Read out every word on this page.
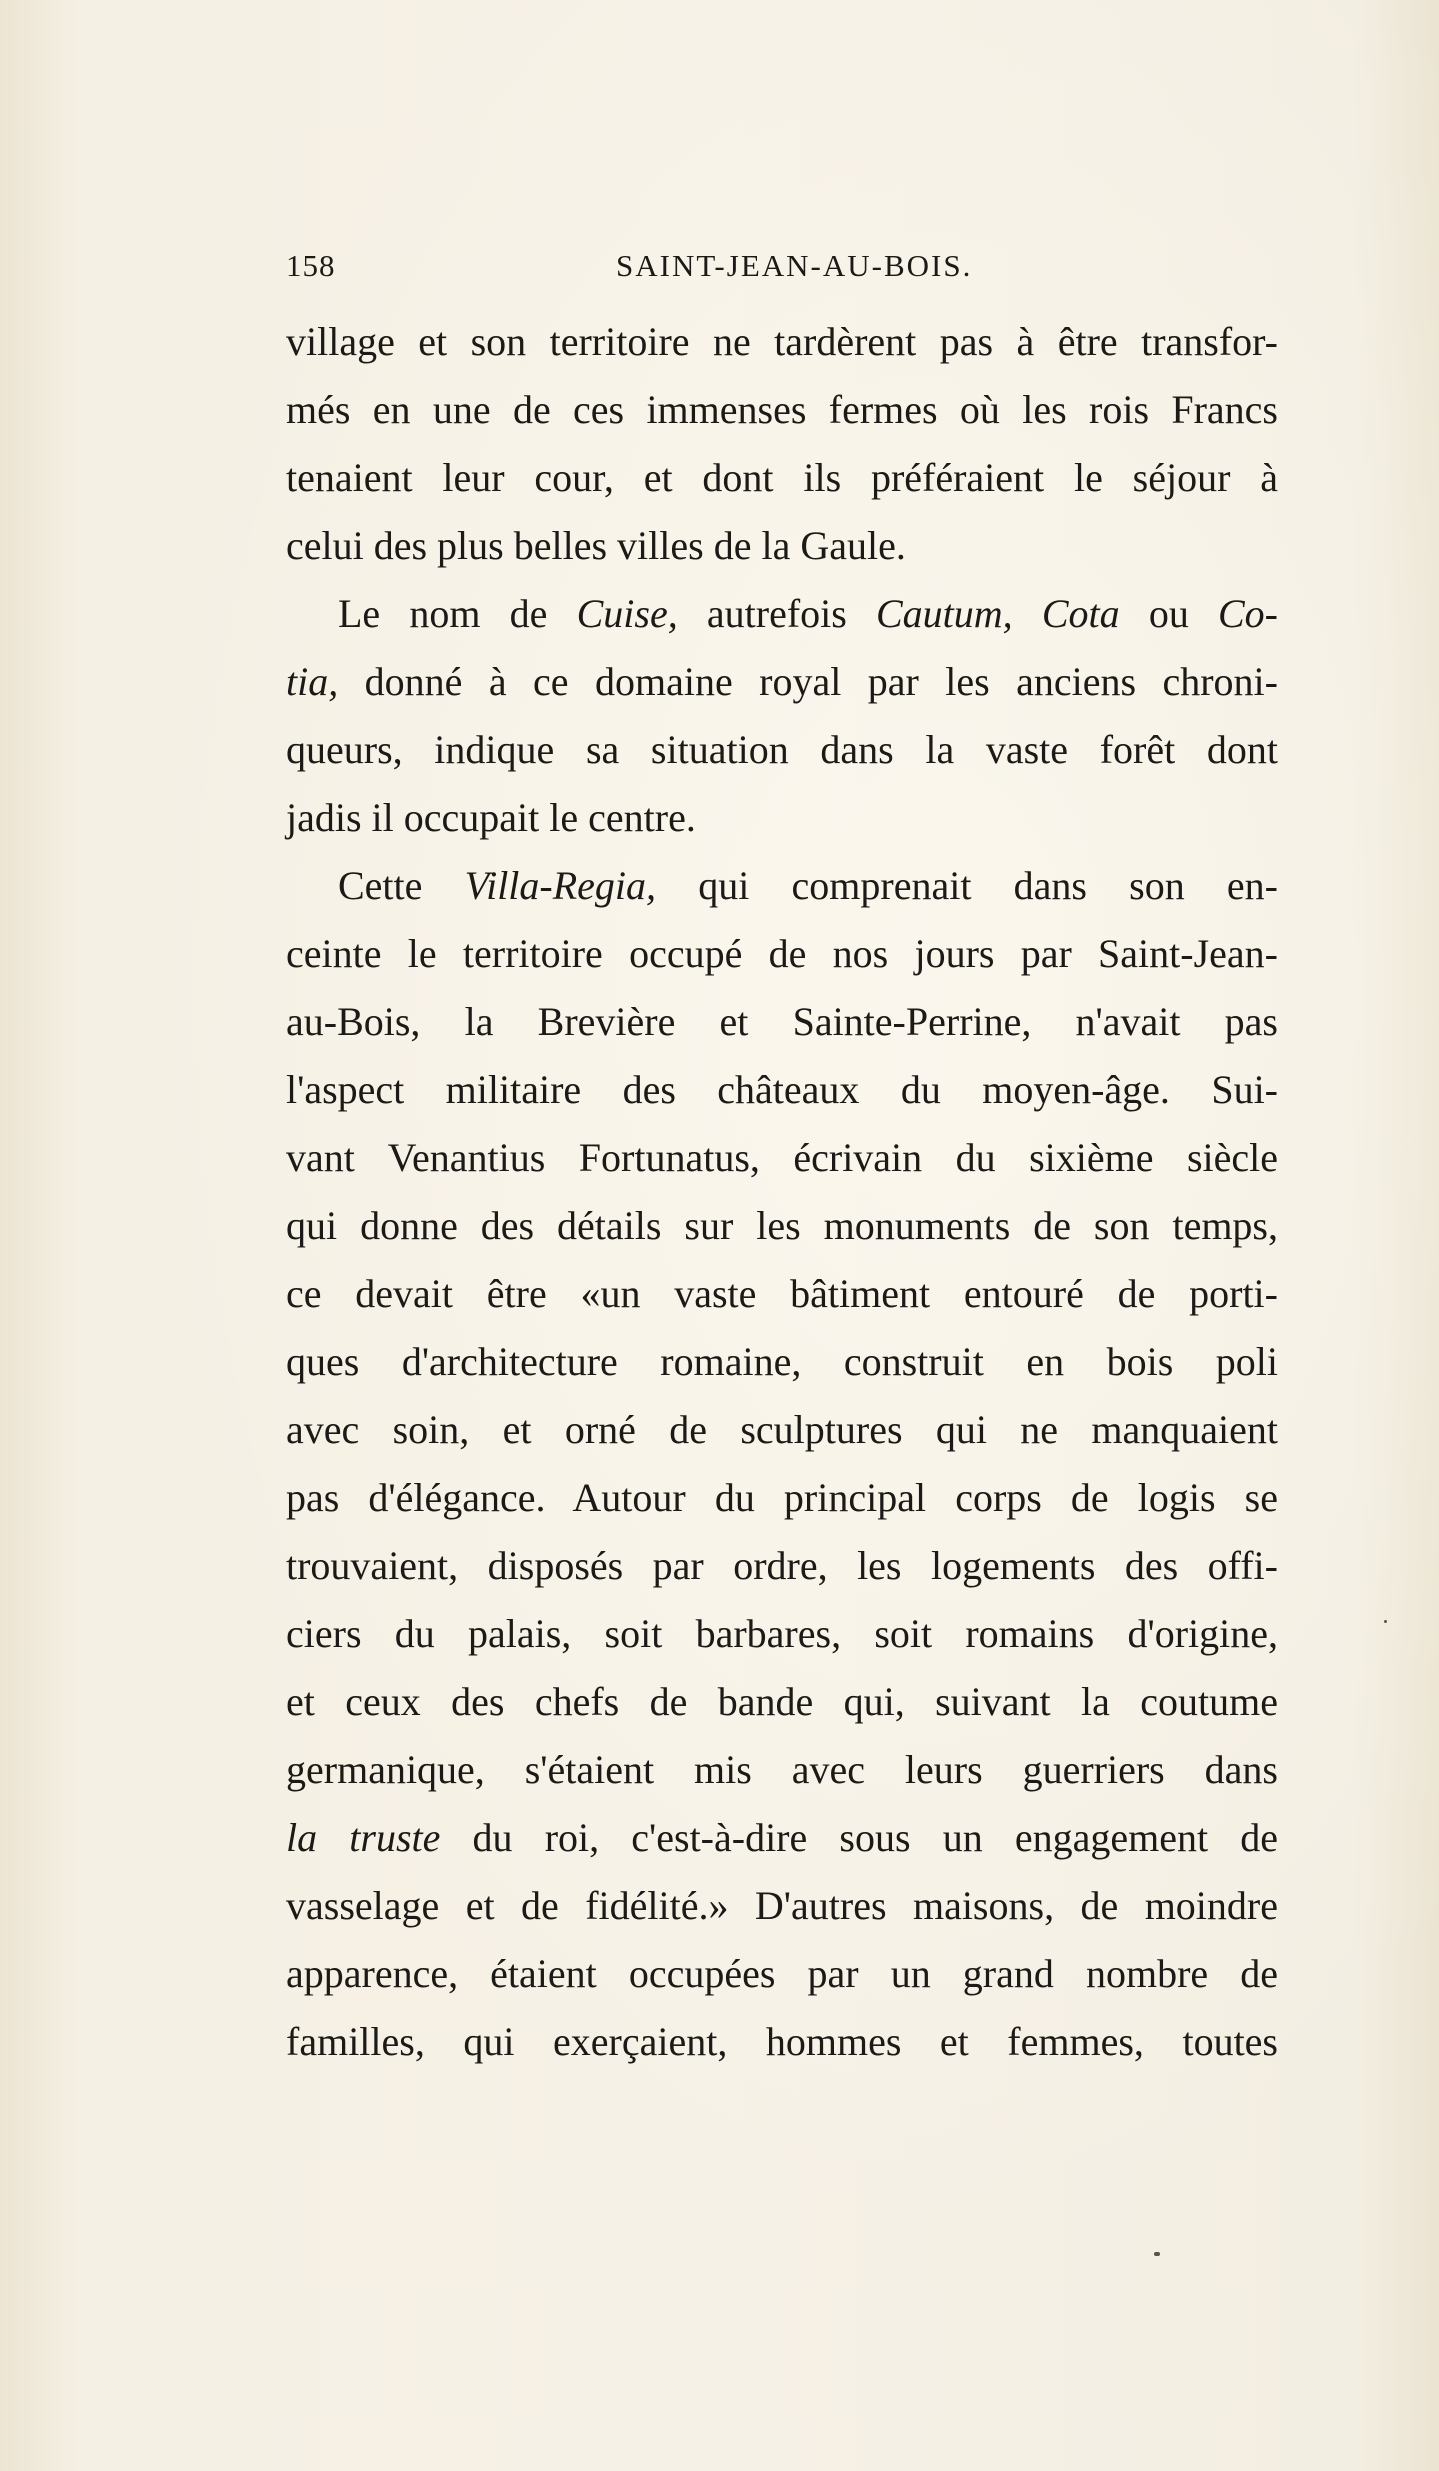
158	SAINT-JEAN-AU-BOIS.
village et son territoire ne tardèrent pas à être transfor-
més en une de ces immenses fermes où les rois Francs
tenaient leur cour, et dont ils préféraient le séjour à
celui des plus belles villes de la Gaule.
Le nom de Cuise, autrefois Cautum, Cota ou Co-
tia, donné à ce domaine royal par les anciens chroni-
queurs, indique sa situation dans la vaste forêt dont
jadis il occupait le centre.
Cette Villa-Regia, qui comprenait dans son en-
ceinte le territoire occupé de nos jours par Saint-Jean-
au-Bois, la Brevière et Sainte-Perrine, n'avait pas
l'aspect militaire des châteaux du moyen-âge. Sui-
vant Venantius Fortunatus, écrivain du sixième siècle
qui donne des détails sur les monuments de son temps,
ce devait être «un vaste bâtiment entouré de porti-
ques d'architecture romaine, construit en bois poli
avec soin, et orné de sculptures qui ne manquaient
pas d'élégance. Autour du principal corps de logis se
trouvaient, disposés par ordre, les logements des offi-
ciers du palais, soit barbares, soit romains d'origine,
et ceux des chefs de bande qui, suivant la coutume
germanique, s'étaient mis avec leurs guerriers dans
la truste du roi, c'est-à-dire sous un engagement de
vasselage et de fidélité.» D'autres maisons, de moindre
apparence, étaient occupées par un grand nombre de
familles, qui exerçaient, hommes et femmes, toutes
